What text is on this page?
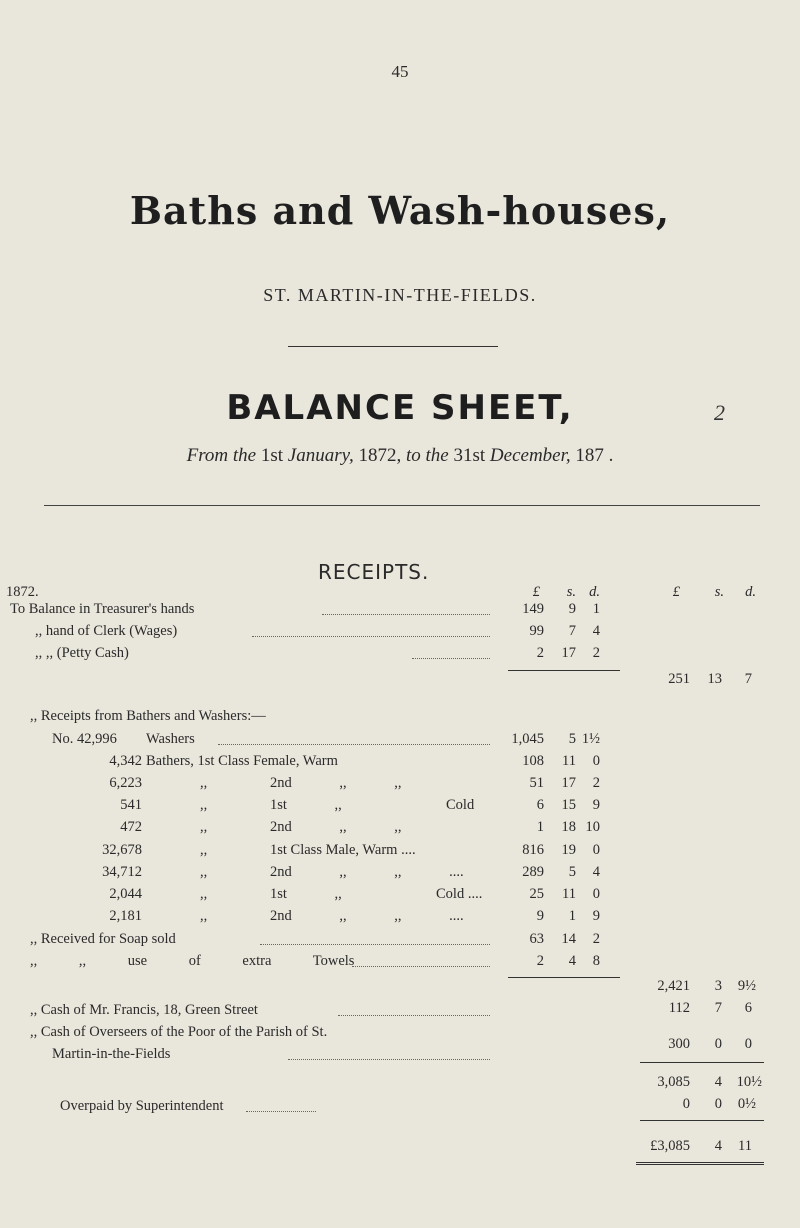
45
Baths and Wash-houses,
ST. MARTIN-IN-THE-FIELDS.
BALANCE SHEET,	2
From the 1st January, 1872, to the 31st December, 187 .
RECEIPTS.
1872.	£	s. d.	£	s.	d.
To Balance in Treasurer's hands	149	9	1
,, hand of Clerk (Wages)	99	7	4
,, ,, (Petty Cash)	2	17	2
251	13	7
,, Receipts from Bathers and Washers:—
No. 42,996 Washers	1,045	5 1½
4,342 Bathers, 1st Class Female, Warm	108	11	0
6,223	,,	2nd ,, ,,	51	17	2
541	,,	1st ,,	Cold	6	15	9
472	,,	2nd ,, ,,	1	18 10
32,678	,,	1st Class Male, Warm ....	816	19	0
34,712	,,	2nd ,, ,, ....	289	5	4
2,044	,,	1st ,,	Cold ....	25	11	0
2,181	,,	2nd ,, ,, ....	9	1	9
,, Received for Soap sold	63	14	2
,, ,, use of extra Towels	2	4	8
2,421	3	9½
,, Cash of Mr. Francis, 18, Green Street	112	7	6
,, Cash of Overseers of the Poor of the Parish of St.
Martin-in-the-Fields
300	0	0
3,085	4	10½
Overpaid by Superintendent	0	0	0½
£3,085	4	11
